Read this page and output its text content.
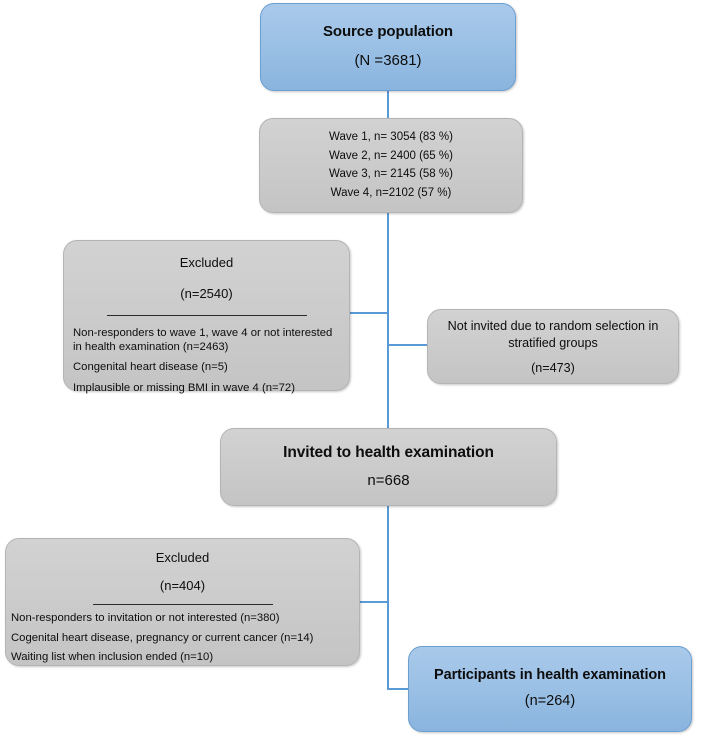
Source population
(N =3681)
Wave 1, n= 3054 (83 %)
Wave 2, n= 2400 (65 %)
Wave 3, n= 2145 (58 %)
Wave 4, n=2102 (57 %)
Excluded
(n=2540)
Non-responders to wave 1, wave 4 or not interested in health examination (n=2463)
Congenital heart disease (n=5)
Implausible or missing BMI in wave 4 (n=72)
Not invited due to random selection in stratified groups
(n=473)
Invited to health examination
n=668
Excluded
(n=404)
Non-responders to invitation or not interested (n=380)
Cogenital heart disease, pregnancy or current cancer (n=14)
Waiting list when inclusion ended (n=10)
Participants in health examination
(n=264)
